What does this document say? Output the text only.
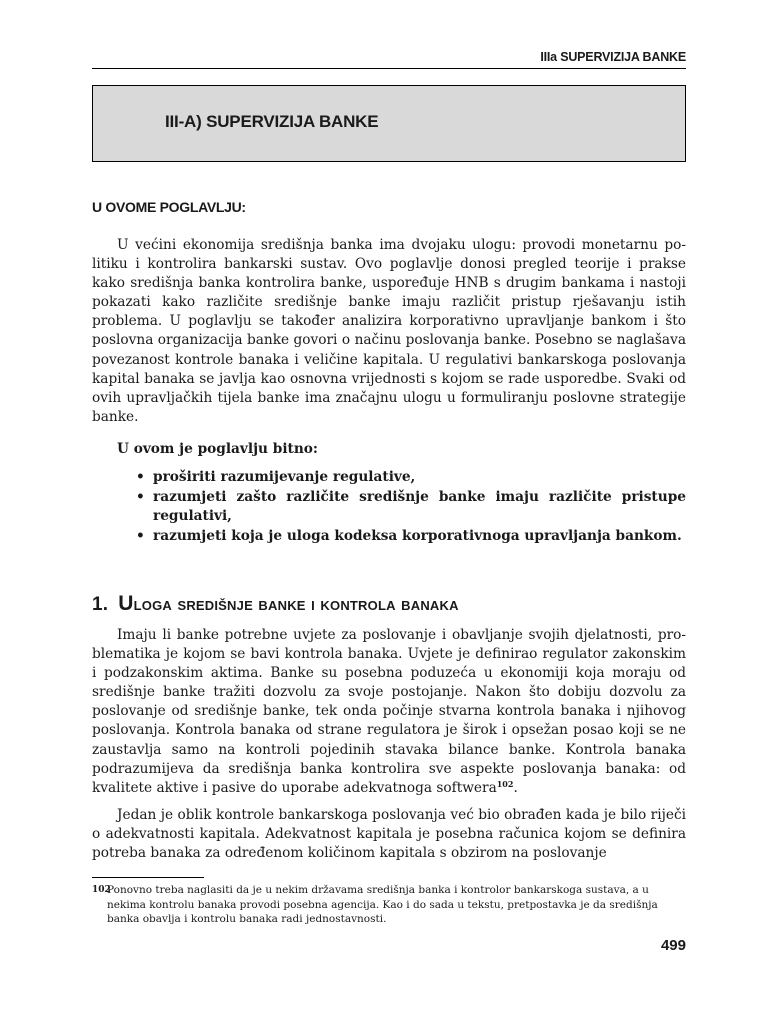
IIIa SUPERVIZIJA BANKE
III-A) SUPERVIZIJA BANKE
U OVOME POGLAVLJU:

U većini ekonomija središnja banka ima dvojaku ulogu: provodi monetarnu politiku i kontrolira bankarski sustav. Ovo poglavlje donosi pregled teorije i prakse kako središnja banka kontrolira banke, uspoređuje HNB s drugim bankama i nastoji pokazati kako različite središnje banke imaju različit pristup rješavanju istih problema. U poglavlju se također analizira korporativno upravljanje bankom i što poslovna organizacija banke govori o načinu poslovanja banke. Posebno se naglašava povezanost kontrole banaka i veličine kapitala. U regulativi bankarskoga poslovanja kapital banaka se javlja kao osnovna vrijednosti s kojom se rade usporedbe. Svaki od ovih upravljačkih tijela banke ima značajnu ulogu u formuliranju poslovne strategije banke.

U ovom je poglavlju bitno:
• proširiti razumijevanje regulative,
• razumjeti zašto različite središnje banke imaju različite pristupe regulativi,
• razumjeti koja je uloga kodeksa korporativnoga upravljanja bankom.
1. Uloga središnje banke i kontrola banaka

Imaju li banke potrebne uvjete za poslovanje i obavljanje svojih djelatnosti, problematika je kojom se bavi kontrola banaka. Uvjete je definirao regulator zakonskim i podzakonskim aktima. Banke su posebna poduzeća u ekonomiji koja moraju od središnje banke tražiti dozvolu za svoje postojanje. Nakon što dobiju dozvolu za poslovanje od središnje banke, tek onda počinje stvarna kontrola banaka i njihovog poslovanja. Kontrola banaka od strane regulatora je širok i opsežan posao koji se ne zaustavlja samo na kontroli pojedinih stavaka bilance banke. Kontrola banaka podrazumijeva da središnja banka kontrolira sve aspekte poslovanja banaka: od kvalitete aktive i pasive do uporabe adekvatnoga softwera$^{102}$.

Jedan je oblik kontrole bankarskoga poslovanja već bio obrađen kada je bilo riječi o adekvatnosti kapitala. Adekvatnost kapitala je posebna računica kojom se definira potreba banaka za određenom količinom kapitala s obzirom na poslovanje

102
Ponovno treba naglasiti da je u nekim državama središnja banka i kontrolor bankarskoga sustava, a u nekima kontrolu banaka provodi posebna agencija. Kao i do sada u tekstu, pretpostavka je da središnja banka obavlja i kontrolu banaka radi jednostavnosti.
499
